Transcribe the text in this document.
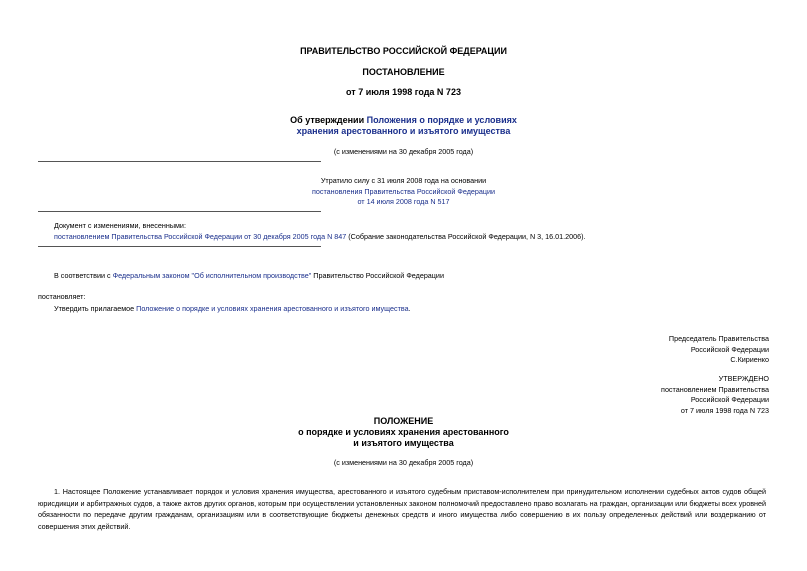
ПРАВИТЕЛЬСТВО РОССИЙСКОЙ ФЕДЕРАЦИИ
ПОСТАНОВЛЕНИЕ
от 7 июля 1998 года N 723
Об утверждении Положения о порядке и условиях
хранения арестованного и изъятого имущества
(с изменениями на 30 декабря 2005 года)
Утратило силу с 31 июля 2008 года на основании
постановления Правительства Российской Федерации
от 14 июля 2008 года N 517
Документ с изменениями, внесенными:
постановлением Правительства Российской Федерации от 30 декабря 2005 года N 847 (Собрание законодательства Российской Федерации, N 3, 16.01.2006).
В соответствии с Федеральным законом "Об исполнительном производстве" Правительство Российской Федерации
постановляет:
Утвердить прилагаемое Положение о порядке и условиях хранения арестованного и изъятого имущества.
Председатель Правительства
Российской Федерации
С.Кириенко
УТВЕРЖДЕНО
постановлением Правительства
Российской Федерации
от 7 июля 1998 года N 723
ПОЛОЖЕНИЕ
о порядке и условиях хранения арестованного
и изъятого имущества
(с изменениями на 30 декабря 2005 года)
1. Настоящее Положение устанавливает порядок и условия хранения имущества, арестованного и изъятого судебным приставом-исполнителем при принудительном исполнении судебных актов судов общей юрисдикции и арбитражных судов, а также актов других органов, которым при осуществлении установленных законом полномочий предоставлено право возлагать на граждан, организации или бюджеты всех уровней обязанности по передаче другим гражданам, организациям или в соответствующие бюджеты денежных средств и иного имущества либо совершению в их пользу определенных действий или воздержанию от совершения этих действий.
